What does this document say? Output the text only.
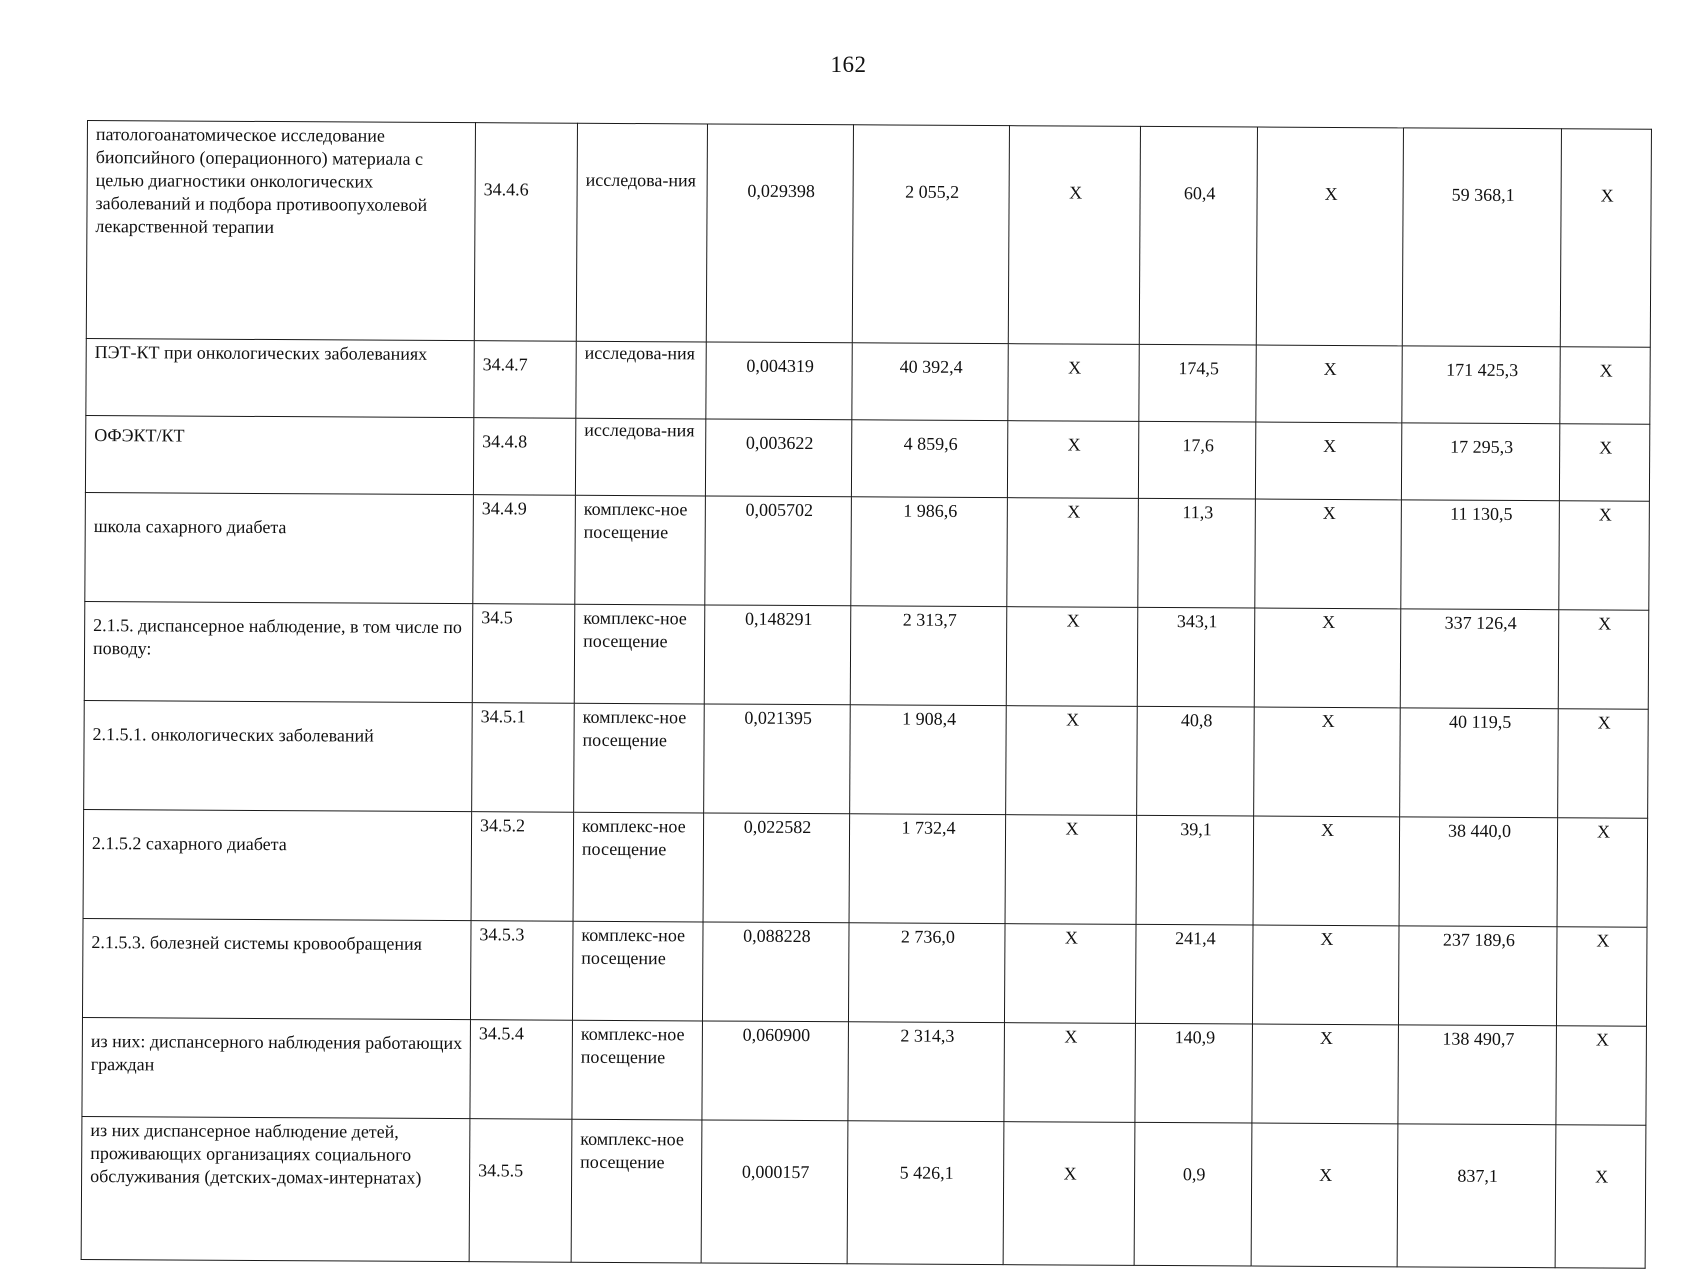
162
патологоанатомическое исследование биопсийного (операционного) материала с целью диагностики онкологических заболеваний и подбора противоопухолевой лекарственной терапии	34.4.6	исследова-ния	0,029398	2 055,2	X	60,4	X	59 368,1	X
ПЭТ-КТ при онкологических заболеваниях	34.4.7	исследова-ния	0,004319	40 392,4	X	174,5	X	171 425,3	X
ОФЭКТ/КТ	34.4.8	исследова-ния	0,003622	4 859,6	X	17,6	X	17 295,3	X
школа сахарного диабета	34.4.9	комплекс-ное посещение	0,005702	1 986,6	X	11,3	X	11 130,5	X
2.1.5. диспансерное наблюдение, в том числе по поводу:	34.5	комплекс-ное посещение	0,148291	2 313,7	X	343,1	X	337 126,4	X
2.1.5.1. онкологических заболеваний	34.5.1	комплекс-ное посещение	0,021395	1 908,4	X	40,8	X	40 119,5	X
2.1.5.2 сахарного диабета	34.5.2	комплекс-ное посещение	0,022582	1 732,4	X	39,1	X	38 440,0	X
2.1.5.3. болезней системы кровообращения	34.5.3	комплекс-ное посещение	0,088228	2 736,0	X	241,4	X	237 189,6	X
из них: диспансерного наблюдения работающих граждан	34.5.4	комплекс-ное посещение	0,060900	2 314,3	X	140,9	X	138 490,7	X
из них диспансерное наблюдение детей, проживающих организациях социального обслуживания (детских-домах-интернатах)	34.5.5	комплекс-ное посещение	0,000157	5 426,1	X	0,9	X	837,1	X
